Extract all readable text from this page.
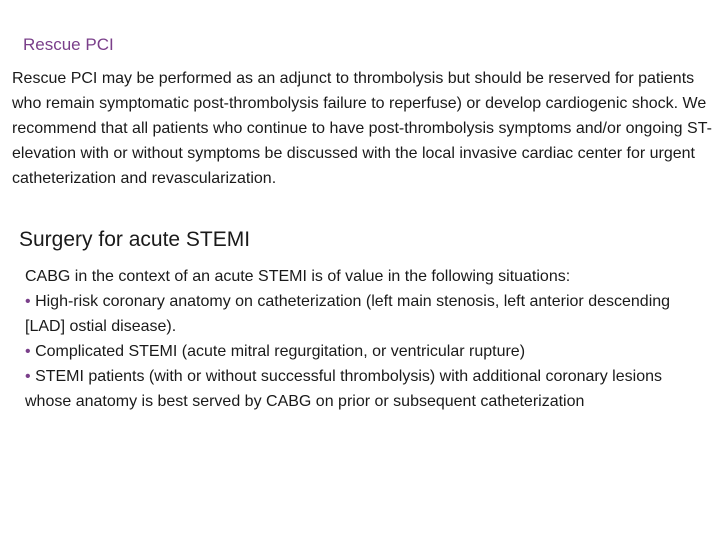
Rescue PCI

Rescue PCI may be performed as an adjunct to thrombolysis but should be reserved for patients who remain symptomatic post-thrombolysis failure to reperfuse) or develop cardiogenic shock. We recommend that all patients who continue to have post-thrombolysis symptoms and/or ongoing ST-elevation with or without symptoms be discussed with the local invasive cardiac center for urgent catheterization and revascularization.

Surgery for acute STEMI

CABG in the context of an acute STEMI is of value in the following situations:

• High-risk coronary anatomy on catheterization (left main stenosis, left anterior descending [LAD] ostial disease).

• Complicated STEMI (acute mitral regurgitation, or ventricular rupture)

• STEMI patients (with or without successful thrombolysis) with additional coronary lesions whose anatomy is best served by CABG on prior or subsequent catheterization
